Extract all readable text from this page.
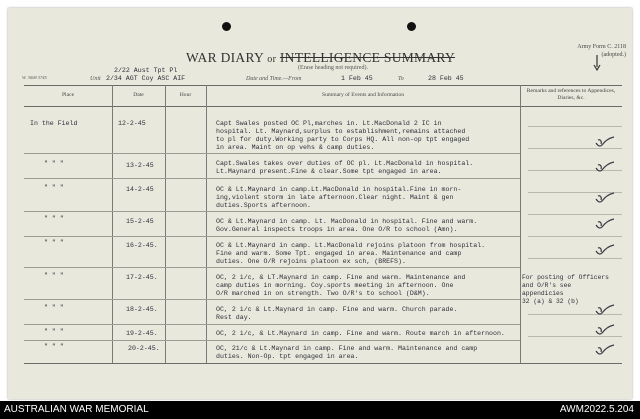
WAR DIARY or INTELLIGENCE SUMMARY
(Erase heading not required).
Army Form C. 2118
(adopted.)
W. 3008 3745
2/22 Aust Tpt Pl
Unit 2/34 AGT Coy ASC AIF	Date and Time.—From	1 Feb 45	To	28 Feb 45
Place	Date	Hour	Summary of Events and Information
Remarks and references to Appendices, Diaries, &c.
In the Field	12-2-45	Capt Swales posted OC Pl,marches in. Lt.MacDonald 2 IC in
hospital. Lt. Maynard,surplus to establishment,remains attached
to pl for duty.Working party to Corps HQ. All non-op tpt engaged
in area. Maint on op vehs & camp duties.
" " "	13-2-45	Capt.Swales takes over duties of OC pl. Lt.MacDonald in hospital.
Lt.Maynard present.Fine & clear.Some tpt engaged in area.
" " "	14-2-45	OC & Lt.Maynard in camp.Lt.MacDonald in hospital.Fine in morn-
ing,violent storm in late afternoon.Clear night. Maint & gen
duties.Sports afternoon.
" " "	15-2-45	OC & Lt.Maynard in camp. Lt. MacDonald in hospital. Fine and warm.
Gov.General inspects troops in area. One O/R to school (Amn).
" " "	16-2-45.	OC & Lt.Maynard in camp. Lt.MacDonald rejoins platoon from hospital.
Fine and warm. Some Tpt. engaged in area. Maintenance and camp
duties. One O/R rejoins platoon ex sch, (BREFS).
" " "	17-2-45.	OC, 2 i/c, & LT.Maynard in camp. Fine and warm. Maintenance and
camp duties in morning. Coy.sports meeting in afternoon. One
O/R marched in on strength. Two O/R's to school (D&M).
For posting of Officers
and O/R's see
appendicies
32 (a) & 32 (b)
" " "	18-2-45.	OC, 2 i/c & Lt.Maynard in camp. Fine and warm. Church parade.
Rest day.
" " "	19-2-45.	OC, 2 i/c, & Lt.Maynard in camp. Fine and warm. Route march in afternoon.
" " "	20-2-45.	OC, 21/c & Lt.Maynard in camp. Fine and warm. Maintenance and camp
duties. Non-Op. tpt engaged in area.
AUSTRALIAN WAR MEMORIAL	AWM2022.5.204
